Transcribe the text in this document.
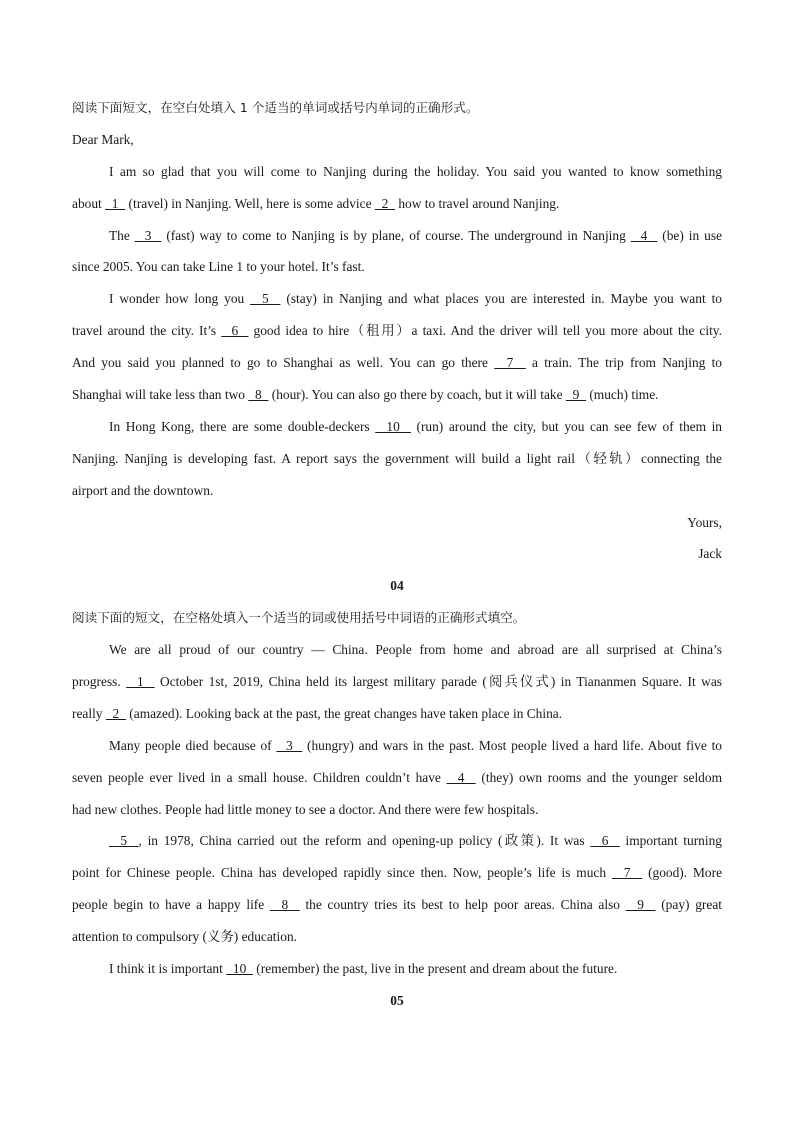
阅读下面短文，在空白处填入 1 个适当的单词或括号内单词的正确形式。
Dear Mark,
I am so glad that you will come to Nanjing during the holiday. You said you wanted to know something
about   1   (travel) in Nanjing. Well, here is some advice   2   how to travel around Nanjing.
The   3   (fast) way to come to Nanjing is by plane, of course. The underground in Nanjing   4   (be) in use
since 2005. You can take Line 1 to your hotel. It’s fast.
I wonder how long you   5   (stay) in Nanjing and what places you are interested in. Maybe you want to
travel around the city. It’s   6   good idea to hire（租用）a taxi. And the driver will tell you more about the city.
And you said you planned to go to Shanghai as well. You can go there   7   a train. The trip from Nanjing to
Shanghai will take less than two   8   (hour). You can also go there by coach, but it will take   9   (much) time.
In Hong Kong, there are some double-deckers   10   (run) around the city, but you can see few of them in
Nanjing. Nanjing is developing fast. A report says the government will build a light rail（轻轨）connecting the
airport and the downtown.
Yours,
Jack
04
阅读下面的短文，在空格处填入一个适当的词或使用括号中词语的正确形式填空。
We are all proud of our country — China. People from home and abroad are all surprised at China’s
progress.   1   October 1st, 2019, China held its largest military parade (阅兵仪式) in Tiananmen Square. It was
really   2   (amazed). Looking back at the past, the great changes have taken place in China.
Many people died because of   3   (hungry) and wars in the past. Most people lived a hard life. About five to
seven people ever lived in a small house. Children couldn’t have   4   (they) own rooms and the younger seldom
had new clothes. People had little money to see a doctor. And there were few hospitals.
5  , in 1978, China carried out the reform and opening-up policy (政策). It was   6   important turning
point for Chinese people. China has developed rapidly since then. Now, people’s life is much   7   (good). More
people begin to have a happy life   8   the country tries its best to help poor areas. China also   9   (pay) great
attention to compulsory (义务) education.
I think it is important   10   (remember) the past, live in the present and dream about the future.
05
